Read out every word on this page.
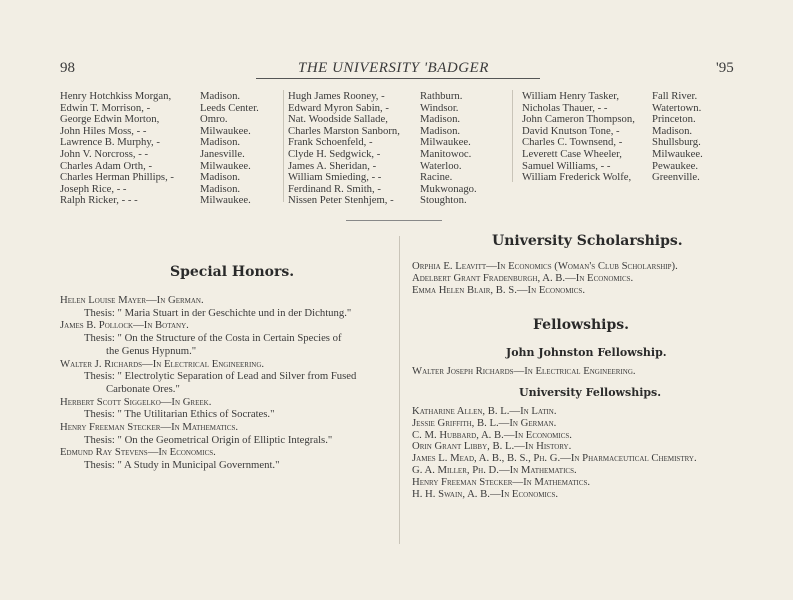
98	THE UNIVERSITY 'BADGER	'95
Henry Hotchkiss Morgan,	Madison.
Edwin T. Morrison, -	Leeds Center.
George Edwin Morton,	Omro.
John Hiles Moss, - -	Milwaukee.
Lawrence B. Murphy, -	Madison.
John V. Norcross, - -	Janesville.
Charles Adam Orth, -	Milwaukee.
Charles Herman Phillips, -	Madison.
Joseph Rice, - -	Madison.
Ralph Ricker, - - -	Milwaukee.
Hugh James Rooney, -	Rathburn.
Edward Myron Sabin, -	Windsor.
Nat. Woodside Sallade,	Madison.
Charles Marston Sanborn,	Madison.
Frank Schoenfeld, -	Milwaukee.
Clyde H. Sedgwick, -	Manitowoc.
James A. Sheridan, -	Waterloo.
William Smieding, - -	Racine.
Ferdinand R. Smith, -	Mukwonago.
Nissen Peter Stenhjem, -	Stoughton.
William Henry Tasker,	Fall River.
Nicholas Thauer, - -	Watertown.
John Cameron Thompson,	Princeton.
David Knutson Tone, -	Madison.
Charles C. Townsend, -	Shullsburg.
Leverett Case Wheeler,	Milwaukee.
Samuel Williams, - -	Pewaukee.
William Frederick Wolfe,	Greenville.
Special Honors.
Helen Louise Mayer—In German.
Thesis: " Maria Stuart in der Geschichte und in der Dichtung."
James B. Pollock—In Botany.
Thesis: " On the Structure of the Costa in Certain Species of
the Genus Hypnum."
Walter J. Richards—In Electrical Engineering.
Thesis: " Electrolytic Separation of Lead and Silver from Fused
Carbonate Ores."
Herbert Scott Siggelko—In Greek.
Thesis: " The Utilitarian Ethics of Socrates."
Henry Freeman Stecker—In Mathematics.
Thesis: " On the Geometrical Origin of Elliptic Integrals."
Edmund Ray Stevens—In Economics.
Thesis: " A Study in Municipal Government."
University Scholarships.
Orphia E. Leavitt—In Economics (Woman's Club Scholarship).
Adelbert Grant Fradenburgh, A. B.—In Economics.
Emma Helen Blair, B. S.—In Economics.
Fellowships.
John Johnston Fellowship.
Walter Joseph Richards—In Electrical Engineering.
University Fellowships.
Katharine Allen, B. L.—In Latin.
Jessie Griffith, B. L.—In German.
C. M. Hubbard, A. B.—In Economics.
Orin Grant Libby, B. L.—In History.
James L. Mead, A. B., B. S., Ph. G.—In Pharmaceutical Chemistry.
G. A. Miller, Ph. D.—In Mathematics.
Henry Freeman Stecker—In Mathematics.
H. H. Swain, A. B.—In Economics.
